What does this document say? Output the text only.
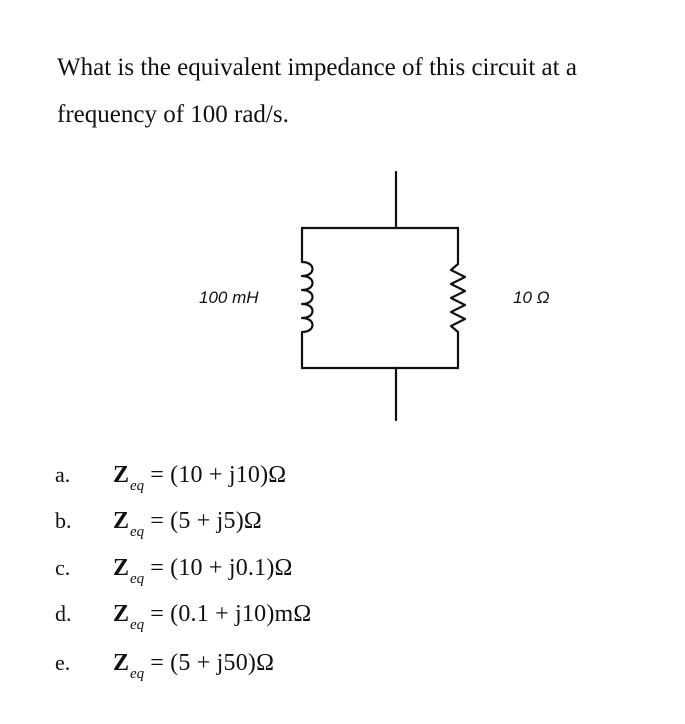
What is the equivalent impedance of this circuit at a frequency of 100 rad/s.
100 mH	10 Ω
a.	Z eq = (10 + j10)Ω
b.	Z eq = (5 + j5)Ω
c.	Z eq = (10 + j0.1)Ω
d.	Z eq = (0.1 + j10)mΩ
e.	Z eq = (5 + j50)Ω
